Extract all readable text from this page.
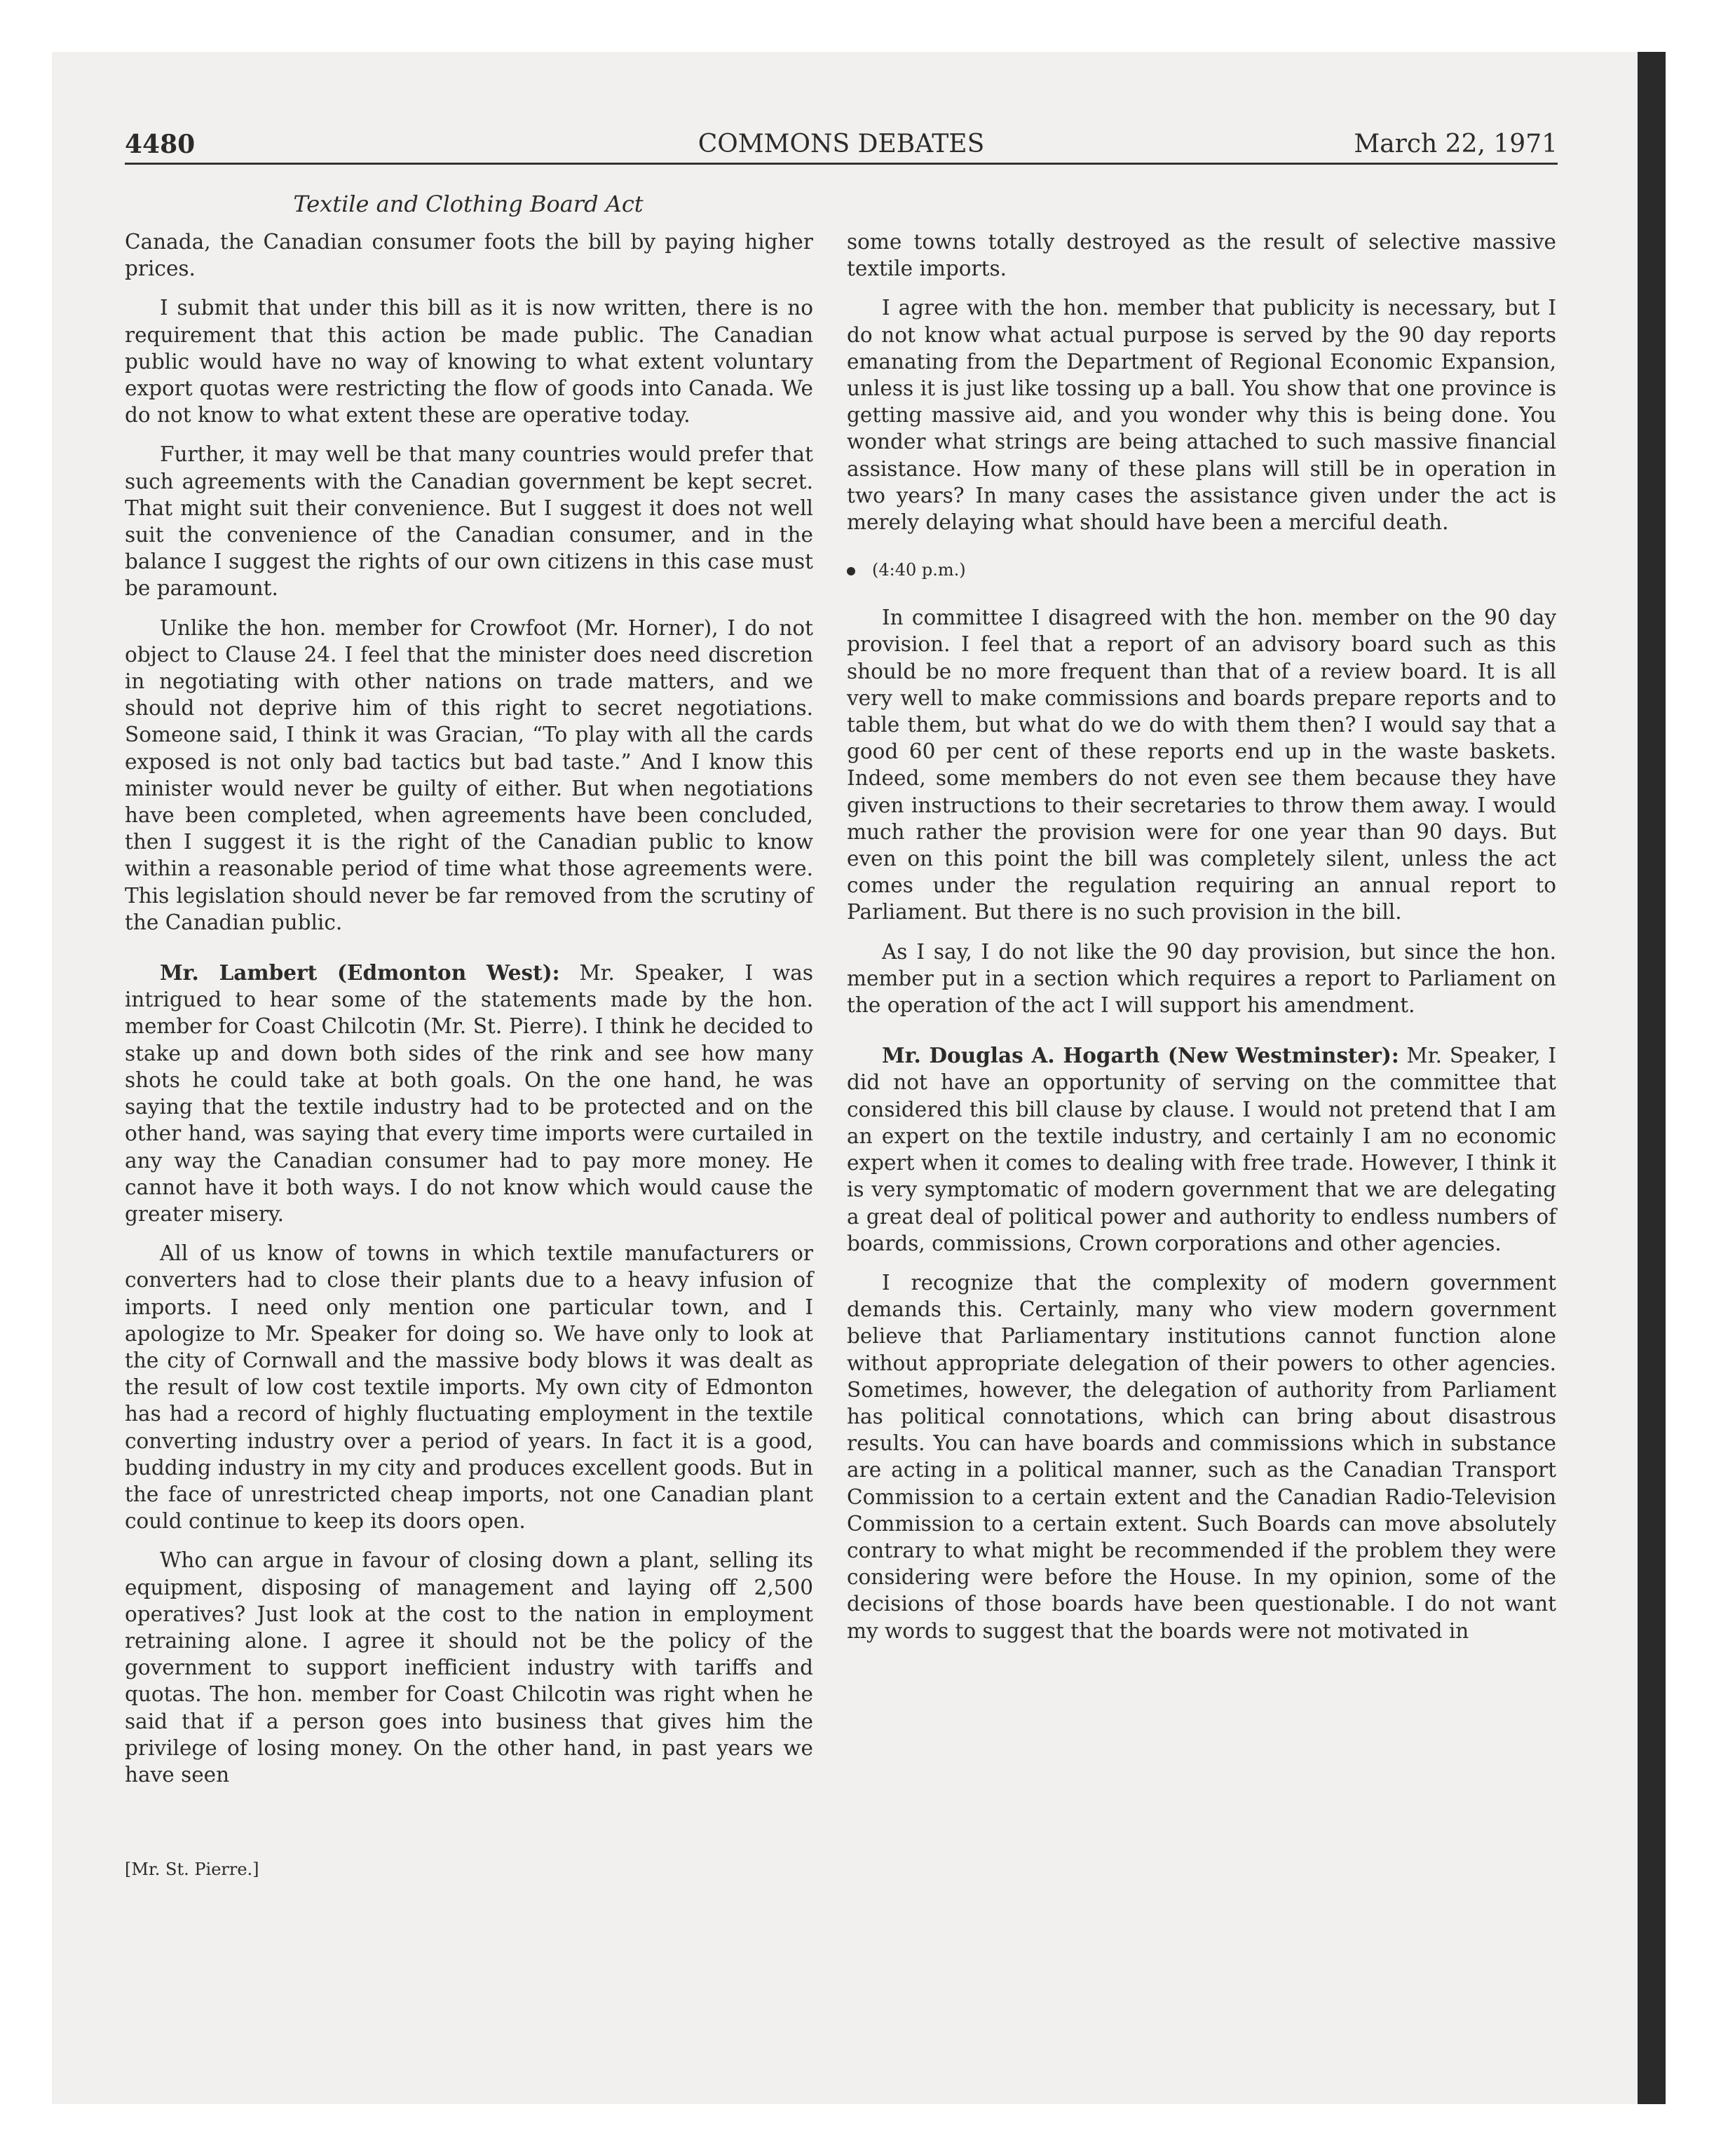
COMMONS DEBATES
4480	March 22, 1971
Textile and Clothing Board Act

Canada, the Canadian consumer foots the bill by paying higher prices.

I submit that under this bill as it is now written, there is no requirement that this action be made public. The Canadian public would have no way of knowing to what extent voluntary export quotas were restricting the flow of goods into Canada. We do not know to what extent these are operative today.

Further, it may well be that many countries would prefer that such agreements with the Canadian government be kept secret. That might suit their convenience. But I suggest it does not well suit the convenience of the Canadian consumer, and in the balance I suggest the rights of our own citizens in this case must be paramount.

Unlike the hon. member for Crowfoot (Mr. Horner), I do not object to Clause 24. I feel that the minister does need discretion in negotiating with other nations on trade matters, and we should not deprive him of this right to secret negotiations. Someone said, I think it was Gracian, “To play with all the cards exposed is not only bad tactics but bad taste.” And I know this minister would never be guilty of either. But when negotiations have been completed, when agreements have been concluded, then I suggest it is the right of the Canadian public to know within a reasonable period of time what those agreements were. This legislation should never be far removed from the scrutiny of the Canadian public.

Mr. Lambert (Edmonton West): Mr. Speaker, I was intrigued to hear some of the statements made by the hon. member for Coast Chilcotin (Mr. St. Pierre). I think he decided to stake up and down both sides of the rink and see how many shots he could take at both goals. On the one hand, he was saying that the textile industry had to be protected and on the other hand, was saying that every time imports were curtailed in any way the Canadian consumer had to pay more money. He cannot have it both ways. I do not know which would cause the greater misery.

All of us know of towns in which textile manufacturers or converters had to close their plants due to a heavy infusion of imports. I need only mention one particular town, and I apologize to Mr. Speaker for doing so. We have only to look at the city of Cornwall and the massive body blows it was dealt as the result of low cost textile imports. My own city of Edmonton has had a record of highly fluctuating employment in the textile converting industry over a period of years. In fact it is a good, budding industry in my city and produces excellent goods. But in the face of unrestricted cheap imports, not one Canadian plant could continue to keep its doors open.

Who can argue in favour of closing down a plant, selling its equipment, disposing of management and laying off 2,500 operatives? Just look at the cost to the nation in employment retraining alone. I agree it should not be the policy of the government to support inefficient industry with tariffs and quotas. The hon. member for Coast Chilcotin was right when he said that if a person goes into business that gives him the privilege of losing money. On the other hand, in past years we have seen

some towns totally destroyed as the result of selective massive textile imports.

I agree with the hon. member that publicity is necessary, but I do not know what actual purpose is served by the 90 day reports emanating from the Department of Regional Economic Expansion, unless it is just like tossing up a ball. You show that one province is getting massive aid, and you wonder why this is being done. You wonder what strings are being attached to such massive financial assistance. How many of these plans will still be in operation in two years? In many cases the assistance given under the act is merely delaying what should have been a merciful death.

(4:40 p.m.)

In committee I disagreed with the hon. member on the 90 day provision. I feel that a report of an advisory board such as this should be no more frequent than that of a review board. It is all very well to make commissions and boards prepare reports and to table them, but what do we do with them then? I would say that a good 60 per cent of these reports end up in the waste baskets. Indeed, some members do not even see them because they have given instructions to their secretaries to throw them away. I would much rather the provision were for one year than 90 days. But even on this point the bill was completely silent, unless the act comes under the regulation requiring an annual report to Parliament. But there is no such provision in the bill.

As I say, I do not like the 90 day provision, but since the hon. member put in a section which requires a report to Parliament on the operation of the act I will support his amendment.

Mr. Douglas A. Hogarth (New Westminster): Mr. Speaker, I did not have an opportunity of serving on the committee that considered this bill clause by clause. I would not pretend that I am an expert on the textile industry, and certainly I am no economic expert when it comes to dealing with free trade. However, I think it is very symptomatic of modern government that we are delegating a great deal of political power and authority to endless numbers of boards, commissions, Crown corporations and other agencies.

I recognize that the complexity of modern government demands this. Certainly, many who view modern government believe that Parliamentary institutions cannot function alone without appropriate delegation of their powers to other agencies. Sometimes, however, the delegation of authority from Parliament has political connotations, which can bring about disastrous results. You can have boards and commissions which in substance are acting in a political manner, such as the Canadian Transport Commission to a certain extent and the Canadian Radio-Television Commission to a certain extent. Such Boards can move absolutely contrary to what might be recommended if the problem they were considering were before the House. In my opinion, some of the decisions of those boards have been questionable. I do not want my words to suggest that the boards were not motivated in

[Mr. St. Pierre.]
